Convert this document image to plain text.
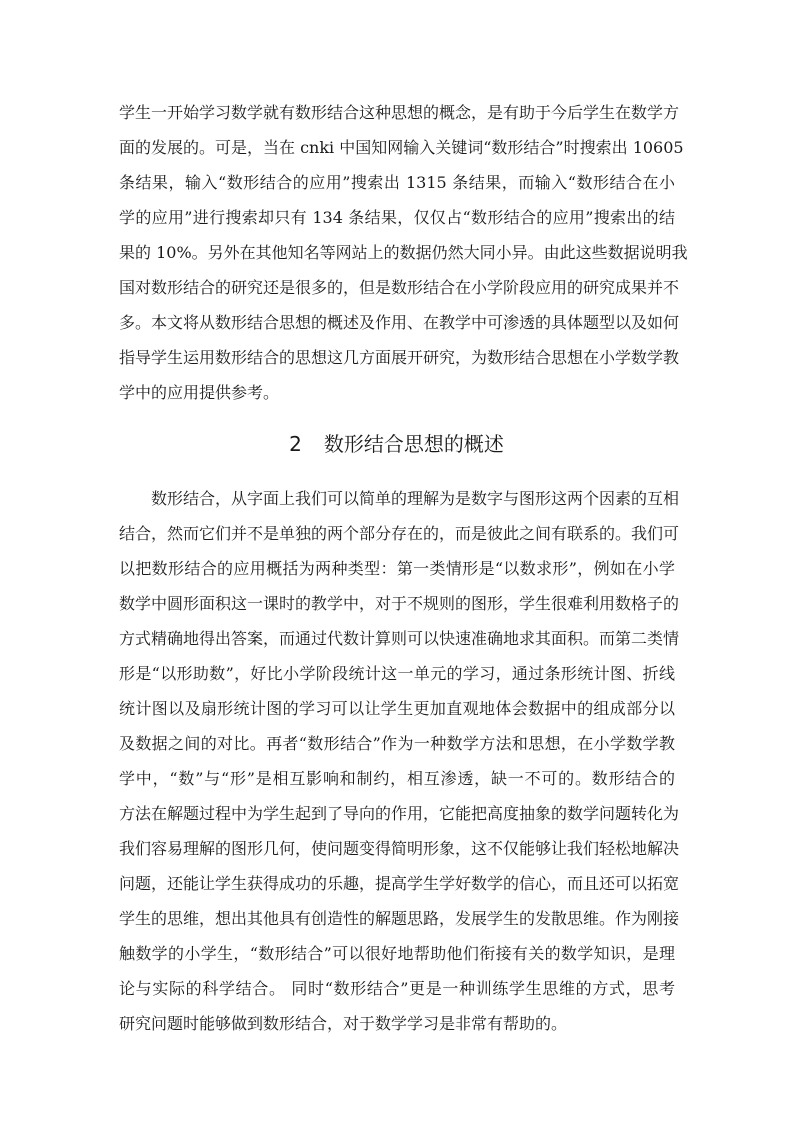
学生一开始学习数学就有数形结合这种思想的概念，是有助于今后学生在数学方

面的发展的。可是，当在 cnki 中国知网输入关键词“数形结合”时搜索出 10605

条结果，输入“数形结合的应用”搜索出 1315 条结果，而输入“数形结合在小

学的应用”进行搜索却只有 134 条结果，仅仅占“数形结合的应用”搜索出的结

果的 10%。另外在其他知名等网站上的数据仍然大同小异。由此这些数据说明我

国对数形结合的研究还是很多的，但是数形结合在小学阶段应用的研究成果并不

多。本文将从数形结合思想的概述及作用、在教学中可渗透的具体题型以及如何

指导学生运用数形结合的思想这几方面展开研究，为数形结合思想在小学数学教

学中的应用提供参考。

2 数形结合思想的概述

数形结合，从字面上我们可以简单的理解为是数字与图形这两个因素的互相

结合，然而它们并不是单独的两个部分存在的，而是彼此之间有联系的。我们可

以把数形结合的应用概括为两种类型：第一类情形是“以数求形”，例如在小学

数学中圆形面积这一课时的教学中，对于不规则的图形，学生很难利用数格子的

方式精确地得出答案，而通过代数计算则可以快速准确地求其面积。而第二类情

形是“以形助数”，好比小学阶段统计这一单元的学习，通过条形统计图、折线

统计图以及扇形统计图的学习可以让学生更加直观地体会数据中的组成部分以

及数据之间的对比。再者“数形结合”作为一种数学方法和思想，在小学数学教

学中，“数”与“形”是相互影响和制约，相互渗透，缺一不可的。数形结合的

方法在解题过程中为学生起到了导向的作用，它能把高度抽象的数学问题转化为

我们容易理解的图形几何，使问题变得简明形象，这不仅能够让我们轻松地解决

问题，还能让学生获得成功的乐趣，提高学生学好数学的信心，而且还可以拓宽

学生的思维，想出其他具有创造性的解题思路，发展学生的发散思维。作为刚接

触数学的小学生，“数形结合”可以很好地帮助他们衔接有关的数学知识，是理

论与实际的科学结合。 同时“数形结合”更是一种训练学生思维的方式，思考

研究问题时能够做到数形结合，对于数学学习是非常有帮助的。
